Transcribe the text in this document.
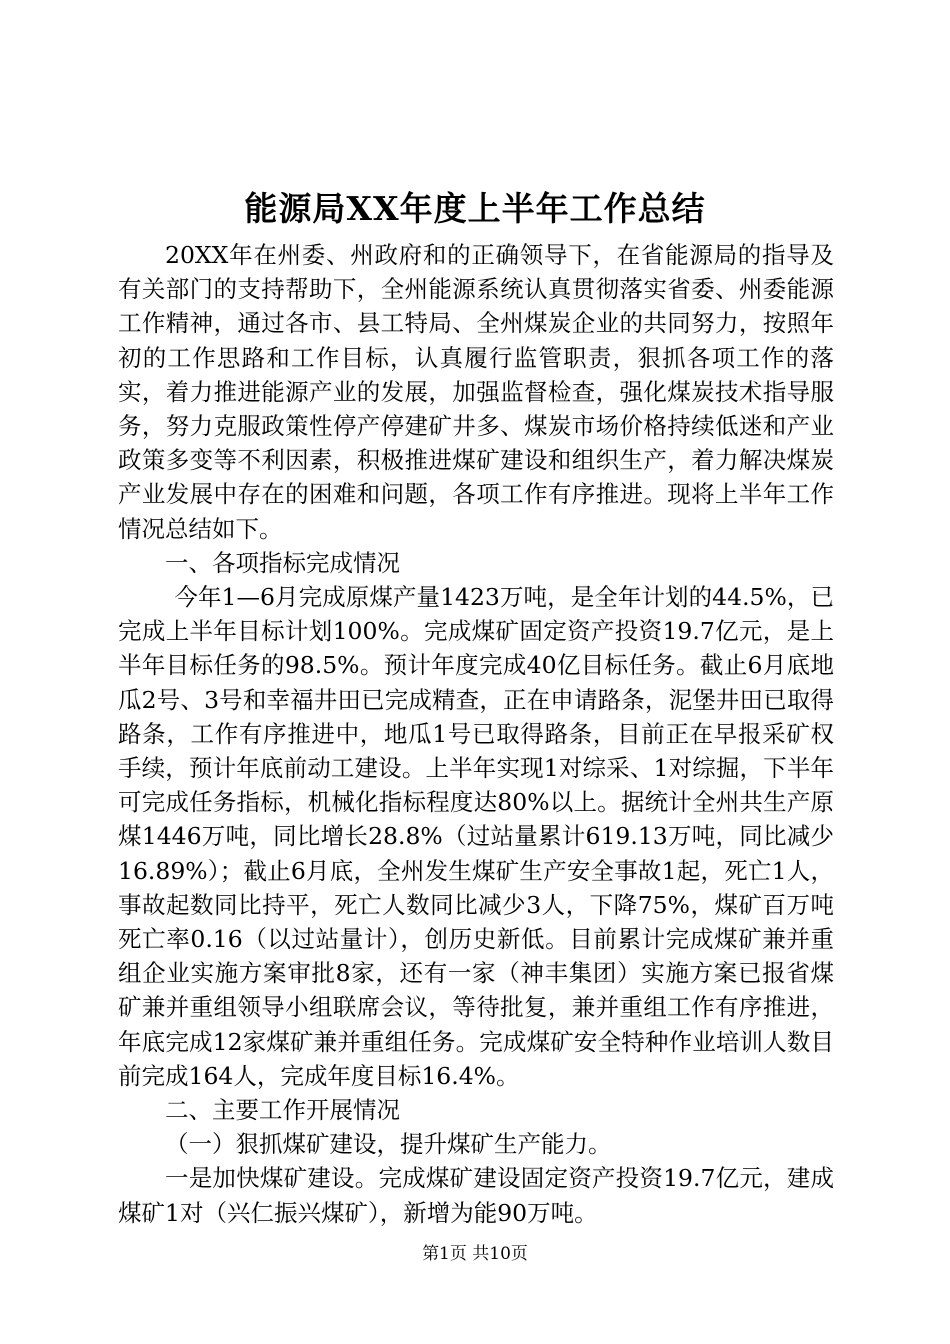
能源局XX年度上半年工作总结

20XX年在州委、州政府和的正确领导下，在省能源局的指导及有关部门的支持帮助下，全州能源系统认真贯彻落实省委、州委能源工作精神，通过各市、县工特局、全州煤炭企业的共同努力，按照年初的工作思路和工作目标，认真履行监管职责，狠抓各项工作的落实，着力推进能源产业的发展，加强监督检查，强化煤炭技术指导服务，努力克服政策性停产停建矿井多、煤炭市场价格持续低迷和产业政策多变等不利因素，积极推进煤矿建设和组织生产，着力解决煤炭产业发展中存在的困难和问题，各项工作有序推进。现将上半年工作情况总结如下。

一、各项指标完成情况

今年1—6月完成原煤产量1423万吨，是全年计划的44.5%，已完成上半年目标计划100%。完成煤矿固定资产投资19.7亿元，是上半年目标任务的98.5%。预计年度完成40亿目标任务。截止6月底地瓜2号、3号和幸福井田已完成精查，正在申请路条，泥堡井田已取得路条，工作有序推进中，地瓜1号已取得路条，目前正在早报采矿权手续，预计年底前动工建设。上半年实现1对综采、1对综掘，下半年可完成任务指标，机械化指标程度达80%以上。据统计全州共生产原煤1446万吨，同比增长28.8%（过站量累计619.13万吨，同比减少16.89%）；截止6月底，全州发生煤矿生产安全事故1起，死亡1人，事故起数同比持平，死亡人数同比减少3人，下降75%，煤矿百万吨死亡率0.16（以过站量计），创历史新低。目前累计完成煤矿兼并重组企业实施方案审批8家，还有一家（神丰集团）实施方案已报省煤矿兼并重组领导小组联席会议，等待批复，兼并重组工作有序推进，年底完成12家煤矿兼并重组任务。完成煤矿安全特种作业培训人数目前完成164人，完成年度目标16.4%。

二、主要工作开展情况

（一）狠抓煤矿建设，提升煤矿生产能力。

一是加快煤矿建设。完成煤矿建设固定资产投资19.7亿元，建成煤矿1对（兴仁振兴煤矿），新增为能90万吨。

第1页 共10页
